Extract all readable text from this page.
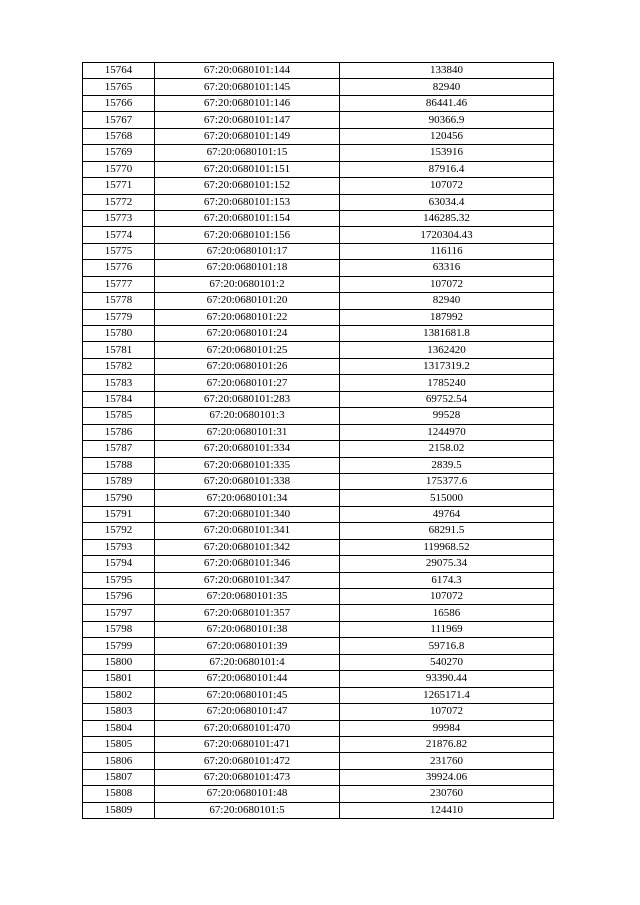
15764	67:20:0680101:144	133840
15765	67:20:0680101:145	82940
15766	67:20:0680101:146	86441.46
15767	67:20:0680101:147	90366.9
15768	67:20:0680101:149	120456
15769	67:20:0680101:15	153916
15770	67:20:0680101:151	87916.4
15771	67:20:0680101:152	107072
15772	67:20:0680101:153	63034.4
15773	67:20:0680101:154	146285.32
15774	67:20:0680101:156	1720304.43
15775	67:20:0680101:17	116116
15776	67:20:0680101:18	63316
15777	67:20:0680101:2	107072
15778	67:20:0680101:20	82940
15779	67:20:0680101:22	187992
15780	67:20:0680101:24	1381681.8
15781	67:20:0680101:25	1362420
15782	67:20:0680101:26	1317319.2
15783	67:20:0680101:27	1785240
15784	67:20:0680101:283	69752.54
15785	67:20:0680101:3	99528
15786	67:20:0680101:31	1244970
15787	67:20:0680101:334	2158.02
15788	67:20:0680101:335	2839.5
15789	67:20:0680101:338	175377.6
15790	67:20:0680101:34	515000
15791	67:20:0680101:340	49764
15792	67:20:0680101:341	68291.5
15793	67:20:0680101:342	119968.52
15794	67:20:0680101:346	29075.34
15795	67:20:0680101:347	6174.3
15796	67:20:0680101:35	107072
15797	67:20:0680101:357	16586
15798	67:20:0680101:38	111969
15799	67:20:0680101:39	59716.8
15800	67:20:0680101:4	540270
15801	67:20:0680101:44	93390.44
15802	67:20:0680101:45	1265171.4
15803	67:20:0680101:47	107072
15804	67:20:0680101:470	99984
15805	67:20:0680101:471	21876.82
15806	67:20:0680101:472	231760
15807	67:20:0680101:473	39924.06
15808	67:20:0680101:48	230760
15809	67:20:0680101:5	124410
